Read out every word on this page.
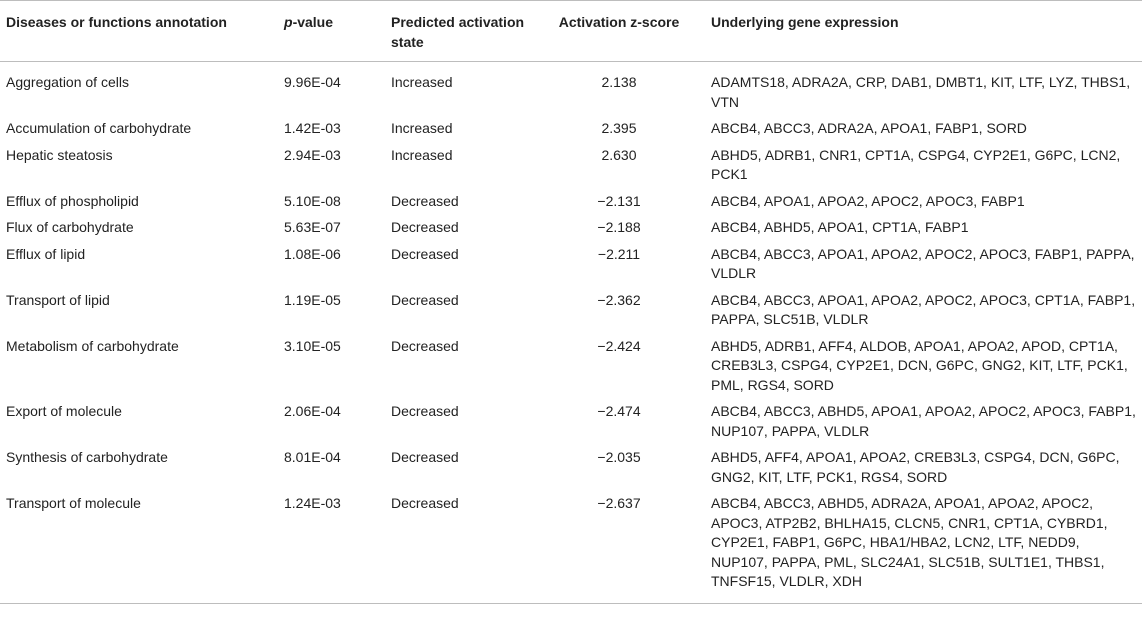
Diseases or functions annotation	p-value	Predicted activation state	Activation z-score	Underlying gene expression
Aggregation of cells	9.96E-04	Increased	2.138	ADAMTS18, ADRA2A, CRP, DAB1, DMBT1, KIT, LTF, LYZ, THBS1, VTN
Accumulation of carbohydrate	1.42E-03	Increased	2.395	ABCB4, ABCC3, ADRA2A, APOA1, FABP1, SORD
Hepatic steatosis	2.94E-03	Increased	2.630	ABHD5, ADRB1, CNR1, CPT1A, CSPG4, CYP2E1, G6PC, LCN2, PCK1
Efflux of phospholipid	5.10E-08	Decreased	−2.131	ABCB4, APOA1, APOA2, APOC2, APOC3, FABP1
Flux of carbohydrate	5.63E-07	Decreased	−2.188	ABCB4, ABHD5, APOA1, CPT1A, FABP1
Efflux of lipid	1.08E-06	Decreased	−2.211	ABCB4, ABCC3, APOA1, APOA2, APOC2, APOC3, FABP1, PAPPA, VLDLR
Transport of lipid	1.19E-05	Decreased	−2.362	ABCB4, ABCC3, APOA1, APOA2, APOC2, APOC3, CPT1A, FABP1, PAPPA, SLC51B, VLDLR
Metabolism of carbohydrate	3.10E-05	Decreased	−2.424	ABHD5, ADRB1, AFF4, ALDOB, APOA1, APOA2, APOD, CPT1A, CREB3L3, CSPG4, CYP2E1, DCN, G6PC, GNG2, KIT, LTF, PCK1, PML, RGS4, SORD
Export of molecule	2.06E-04	Decreased	−2.474	ABCB4, ABCC3, ABHD5, APOA1, APOA2, APOC2, APOC3, FABP1, NUP107, PAPPA, VLDLR
Synthesis of carbohydrate	8.01E-04	Decreased	−2.035	ABHD5, AFF4, APOA1, APOA2, CREB3L3, CSPG4, DCN, G6PC, GNG2, KIT, LTF, PCK1, RGS4, SORD
Transport of molecule	1.24E-03	Decreased	−2.637	ABCB4, ABCC3, ABHD5, ADRA2A, APOA1, APOA2, APOC2, APOC3, ATP2B2, BHLHA15, CLCN5, CNR1, CPT1A, CYBRD1, CYP2E1, FABP1, G6PC, HBA1/HBA2, LCN2, LTF, NEDD9, NUP107, PAPPA, PML, SLC24A1, SLC51B, SULT1E1, THBS1, TNFSF15, VLDLR, XDH
